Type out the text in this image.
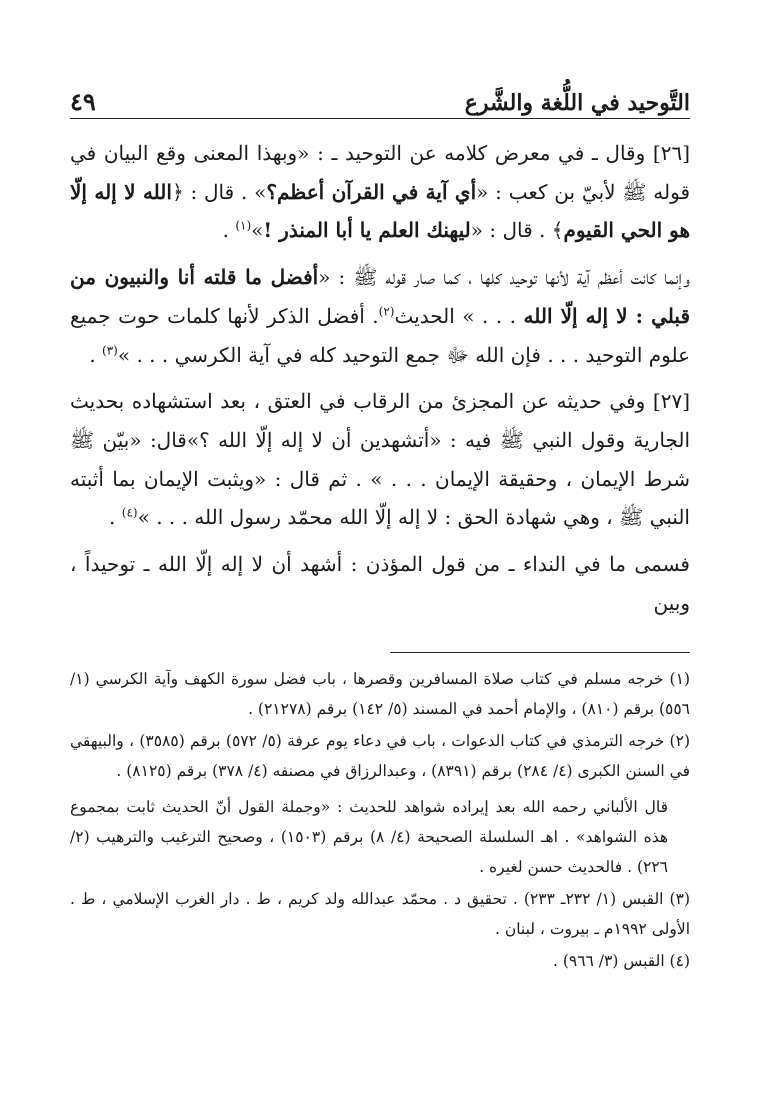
التَّوحيد في اللُّغة والشَّرع
٤٩

[٢٦] وقال ـ في معرض كلامه عن التوحيد ـ : «وبهذا المعنى وقع البيان في قوله ﷺ لأبيّ بن كعب : «أي آية في القرآن أعظم؟» . قال : ﴿الله لا إله إلّا هو الحي القيوم﴾ . قال : «ليهنك العلم يا أبا المنذر !»$^{(١)}$ .

وإنما كانت أعظم آية لأنها توحيد كلها ، كما صار قوله ﷺ : «أفضل ما قلته أنا والنبيون من قبلي : لا إله إلّا الله . . . » الحديث$^{(٢)}$. أفضل الذكر لأنها كلمات حوت جميع علوم التوحيد . . . فإن الله ﷻ جمع التوحيد كله في آية الكرسي . . . »$^{(٣)}$ .

[٢٧] وفي حديثه عن المجزئ من الرقاب في العتق ، بعد استشهاده بحديث الجارية وقول النبي ﷺ فيه : «أتشهدين أن لا إله إلّا الله ؟»قال: «بيّن ﷺ شرط الإيمان ، وحقيقة الإيمان . . . » . ثم قال : «ويثبت الإيمان بما أثبته النبي ﷺ ، وهي شهادة الحق : لا إله إلّا الله محمّد رسول الله . . . »$^{(٤)}$ .

فسمى ما في النداء ـ من قول المؤذن : أشهد أن لا إله إلّا الله ـ توحيداً ، وبين

(١) خرجه مسلم في كتاب صلاة المسافرين وقصرها ، باب فضل سورة الكهف وآية الكرسي (١/ ٥٥٦) برقم (٨١٠) ، والإمام أحمد في المسند (٥/ ١٤٢) برقم (٢١٢٧٨) .

(٢) خرجه الترمذي في كتاب الدعوات ، باب في دعاء يوم عرفة (٥/ ٥٧٢) برقم (٣٥٨٥) ، والبيهقي في السنن الكبرى (٤/ ٢٨٤) برقم (٨٣٩١) ، وعبدالرزاق في مصنفه (٤/ ٣٧٨) برقم (٨١٢٥) .

قال الألباني رحمه الله بعد إيراده شواهد للحديث : «وجملة القول أنّ الحديث ثابت بمجموع هذه الشواهد» . اهـ السلسلة الصحيحة (٤/ ٨) برقم (١٥٠٣) ، وصحيح الترغيب والترهيب (٢/ ٢٢٦) . فالحديث حسن لغيره .

(٣) القبس (١/ ٢٣٢ـ ٢٣٣) . تحقيق د . محمّد عبدالله ولد كريم ، ط . دار الغرب الإسلامي ، ط . الأولى ١٩٩٢م ـ بيروت ، لبنان .

(٤) القبس (٣/ ٩٦٦) .
